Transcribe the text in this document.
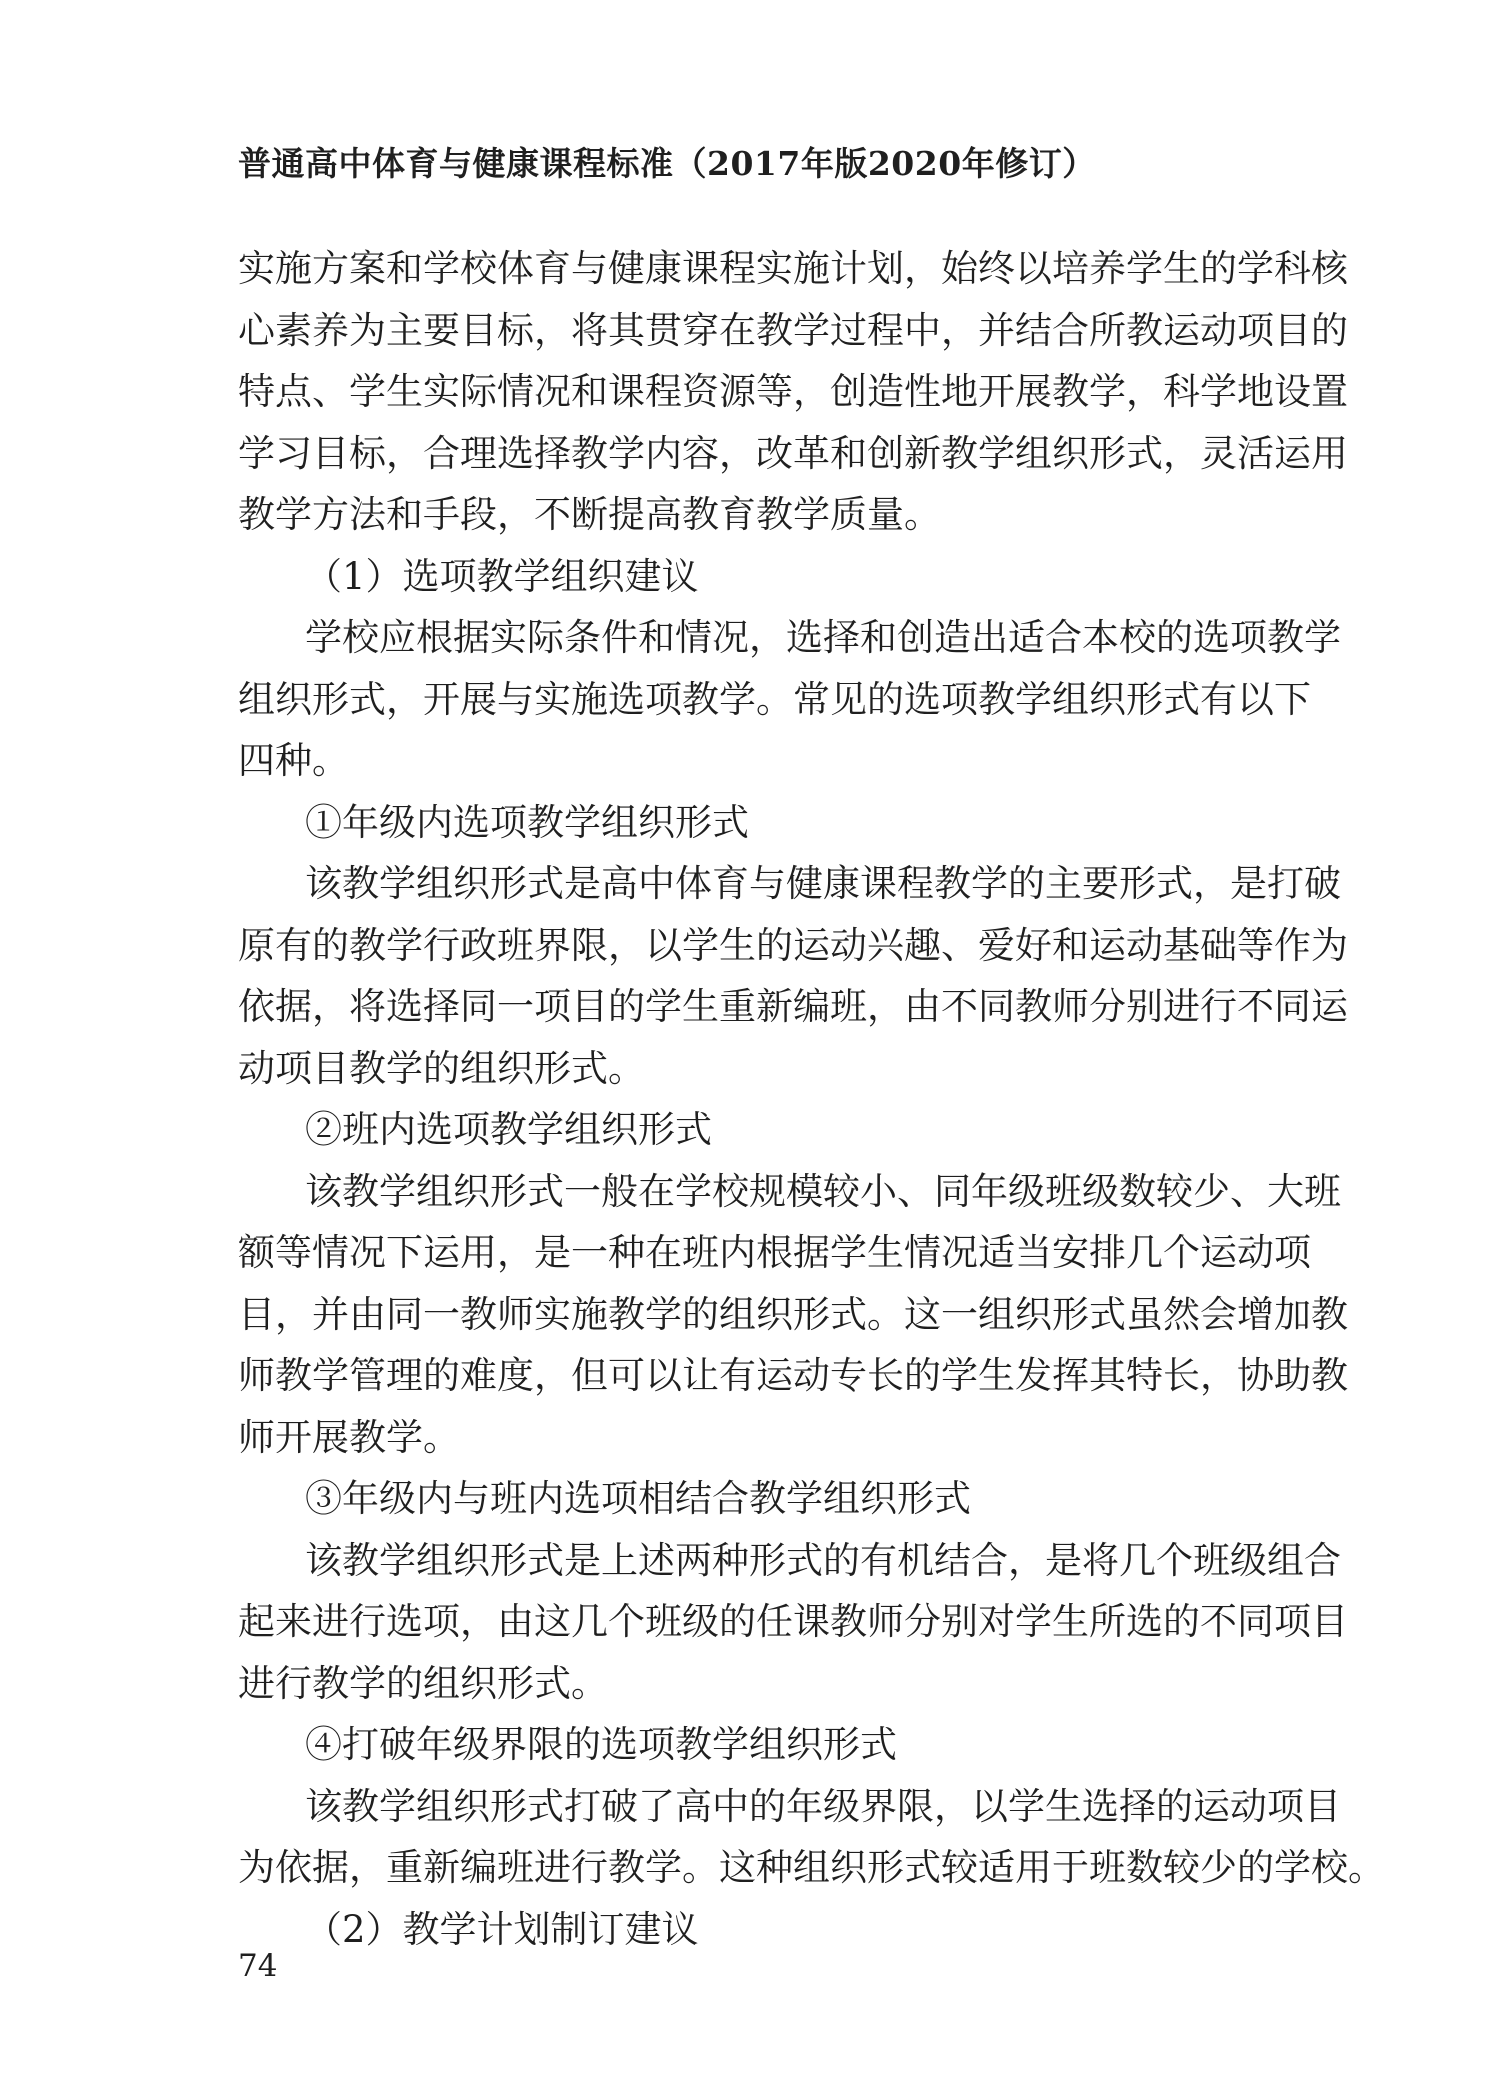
普通高中体育与健康课程标准（2017年版2020年修订）
实施方案和学校体育与健康课程实施计划，始终以培养学生的学科核
心素养为主要目标，将其贯穿在教学过程中，并结合所教运动项目的
特点、学生实际情况和课程资源等，创造性地开展教学，科学地设置
学习目标，合理选择教学内容，改革和创新教学组织形式，灵活运用
教学方法和手段，不断提高教育教学质量。
（1）选项教学组织建议
学校应根据实际条件和情况，选择和创造出适合本校的选项教学
组织形式，开展与实施选项教学。常见的选项教学组织形式有以下
四种。
①年级内选项教学组织形式
该教学组织形式是高中体育与健康课程教学的主要形式，是打破
原有的教学行政班界限，以学生的运动兴趣、爱好和运动基础等作为
依据，将选择同一项目的学生重新编班，由不同教师分别进行不同运
动项目教学的组织形式。
②班内选项教学组织形式
该教学组织形式一般在学校规模较小、同年级班级数较少、大班
额等情况下运用，是一种在班内根据学生情况适当安排几个运动项
目，并由同一教师实施教学的组织形式。这一组织形式虽然会增加教
师教学管理的难度，但可以让有运动专长的学生发挥其特长，协助教
师开展教学。
③年级内与班内选项相结合教学组织形式
该教学组织形式是上述两种形式的有机结合，是将几个班级组合
起来进行选项，由这几个班级的任课教师分别对学生所选的不同项目
进行教学的组织形式。
④打破年级界限的选项教学组织形式
该教学组织形式打破了高中的年级界限，以学生选择的运动项目
为依据，重新编班进行教学。这种组织形式较适用于班数较少的学校。
（2）教学计划制订建议
74
